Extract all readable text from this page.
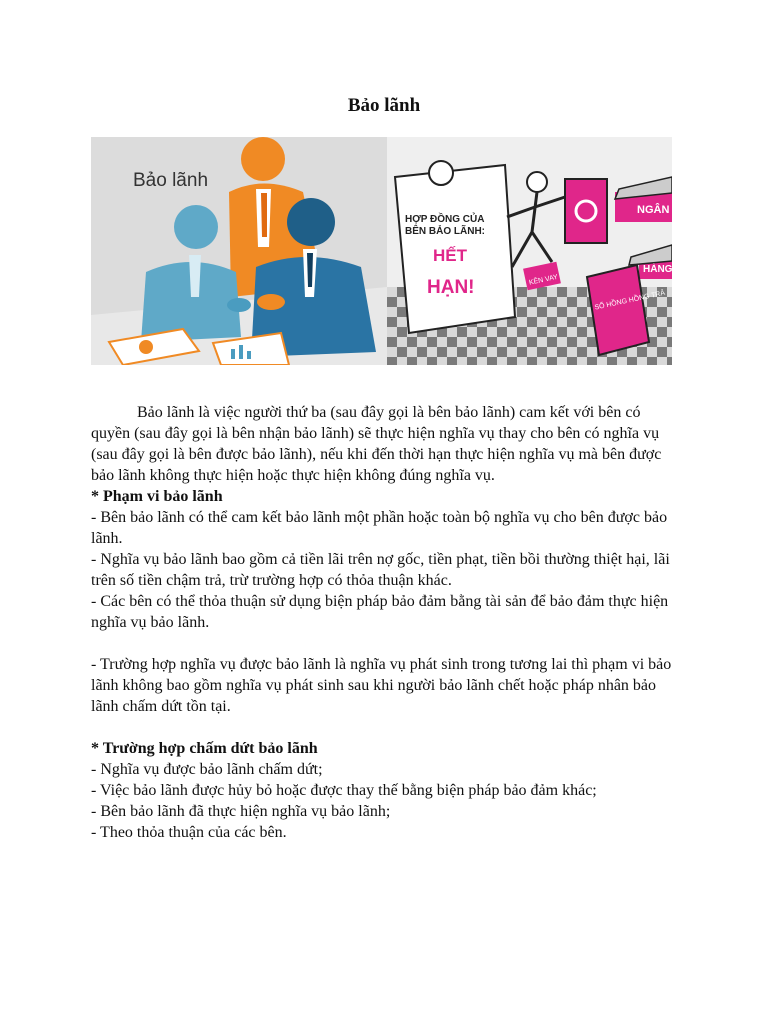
Bảo lãnh
Bảo lãnh
HỢP ĐỒNG CỦA
BÊN BẢO LÃNH:
HẾT
HẠN!	KÊN VAY
NGÂN
HÀNG
SỔ HỒNG HỒNG TRẢ

Bảo lãnh là việc người thứ ba (sau đây gọi là bên bảo lãnh) cam kết với bên có quyền (sau đây gọi là bên nhận bảo lãnh) sẽ thực hiện nghĩa vụ thay cho bên có nghĩa vụ (sau đây gọi là bên được bảo lãnh), nếu khi đến thời hạn thực hiện nghĩa vụ mà bên được bảo lãnh không thực hiện hoặc thực hiện không đúng nghĩa vụ.

* Phạm vi bảo lãnh

- Bên bảo lãnh có thể cam kết bảo lãnh một phần hoặc toàn bộ nghĩa vụ cho bên được bảo lãnh.

- Nghĩa vụ bảo lãnh bao gồm cả tiền lãi trên nợ gốc, tiền phạt, tiền bồi thường thiệt hại, lãi trên số tiền chậm trả, trừ trường hợp có thỏa thuận khác.

- Các bên có thể thỏa thuận sử dụng biện pháp bảo đảm bằng tài sản để bảo đảm thực hiện nghĩa vụ bảo lãnh.

- Trường hợp nghĩa vụ được bảo lãnh là nghĩa vụ phát sinh trong tương lai thì phạm vi bảo lãnh không bao gồm nghĩa vụ phát sinh sau khi người bảo lãnh chết hoặc pháp nhân bảo lãnh chấm dứt tồn tại.

* Trường hợp chấm dứt bảo lãnh

- Nghĩa vụ được bảo lãnh chấm dứt;

- Việc bảo lãnh được hủy bỏ hoặc được thay thế bằng biện pháp bảo đảm khác;

- Bên bảo lãnh đã thực hiện nghĩa vụ bảo lãnh;

- Theo thỏa thuận của các bên.
